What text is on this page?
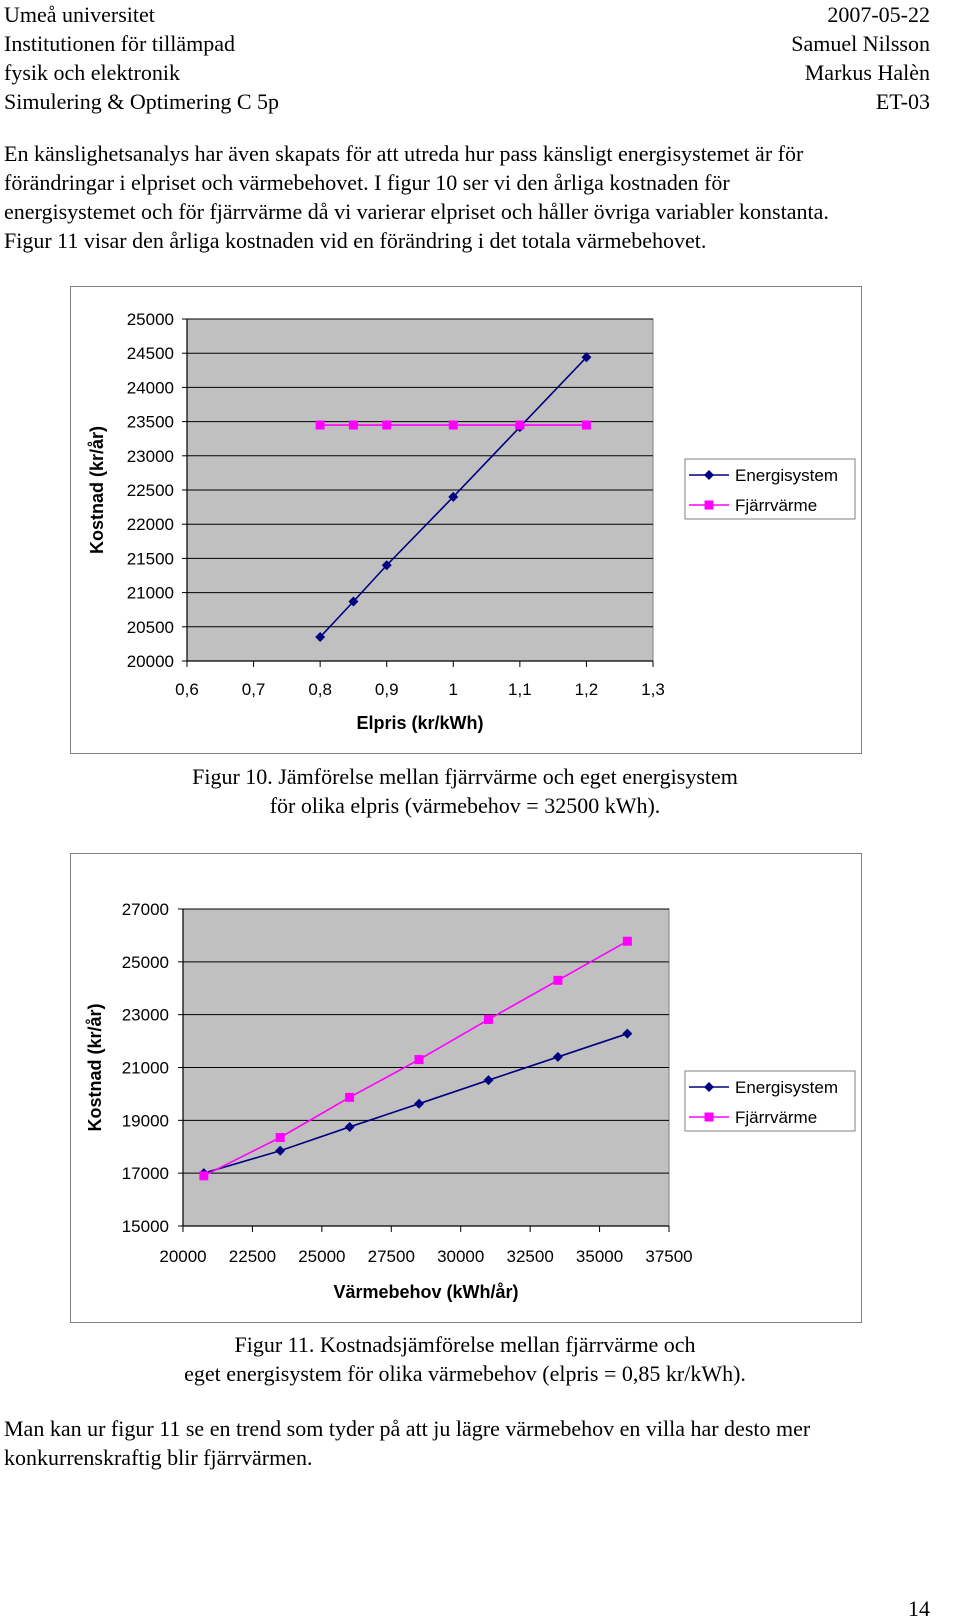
Umeå universitet
Institutionen för tillämpad
fysik och elektronik
Simulering & Optimering C 5p
2007-05-22
Samuel Nilsson
Markus Halèn
ET-03
En känslighetsanalys har även skapats för att utreda hur pass känsligt energisystemet är för
förändringar i elpriset och värmebehovet. I figur 10 ser vi den årliga kostnaden för
energisystemet och för fjärrvärme då vi varierar elpriset och håller övriga variabler konstanta.
Figur 11 visar den årliga kostnaden vid en förändring i det totala värmebehovet.
20000
20500
21000
21500
22000
22500
23000
23500
24000
24500
25000
0,6	0,7	0,8	0,9	1	1,1	1,2	1,3
Elpris (kr/kWh)
Kostnad (kr/år)	Energisystem
Fjärrvärme
Figur 10. Jämförelse mellan fjärrvärme och eget energisystem
för olika elpris (värmebehov = 32500 kWh).
15000
17000
19000
21000
23000
25000
27000
20000 22500 25000 27500 30000 32500 35000 37500
Värmebehov (kWh/år)
Kostnad (kr/år)	Energisystem
Fjärrvärme
Figur 11. Kostnadsjämförelse mellan fjärrvärme och
eget energisystem för olika värmebehov (elpris = 0,85 kr/kWh).
Man kan ur figur 11 se en trend som tyder på att ju lägre värmebehov en villa har desto mer
konkurrenskraftig blir fjärrvärmen.
14
